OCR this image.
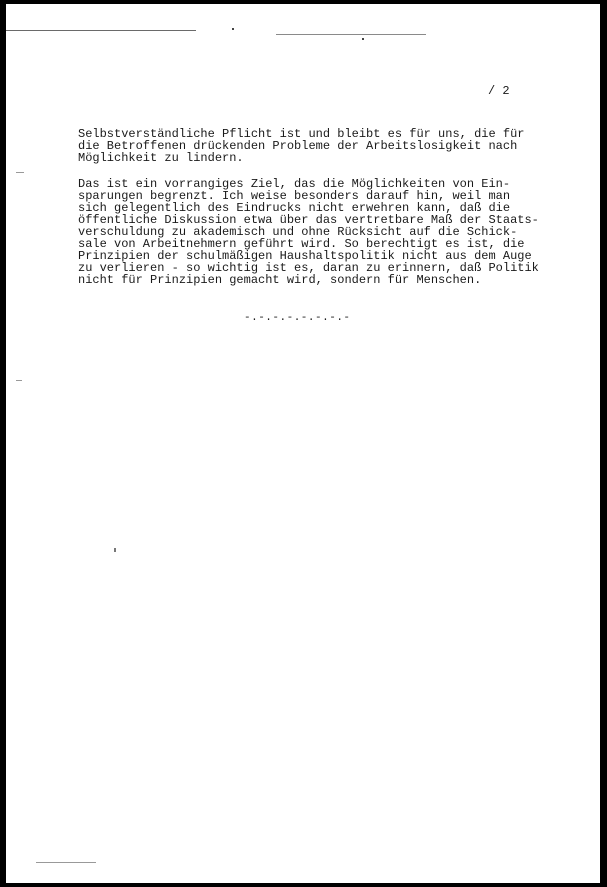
/ 2
Selbstverständliche Pflicht ist und bleibt es für uns, die für
die Betroffenen drückenden Probleme der Arbeitslosigkeit nach
Möglichkeit zu lindern.
Das ist ein vorrangiges Ziel, das die Möglichkeiten von Ein-
sparungen begrenzt. Ich weise besonders darauf hin, weil man
sich gelegentlich des Eindrucks nicht erwehren kann, daß die
öffentliche Diskussion etwa über das vertretbare Maß der Staats-
verschuldung zu akademisch und ohne Rücksicht auf die Schick-
sale von Arbeitnehmern geführt wird. So berechtigt es ist, die
Prinzipien der schulmäßigen Haushaltspolitik nicht aus dem Auge
zu verlieren - so wichtig ist es, daran zu erinnern, daß Politik
nicht für Prinzipien gemacht wird, sondern für Menschen.
-.-.-.-.-.-.-.-
